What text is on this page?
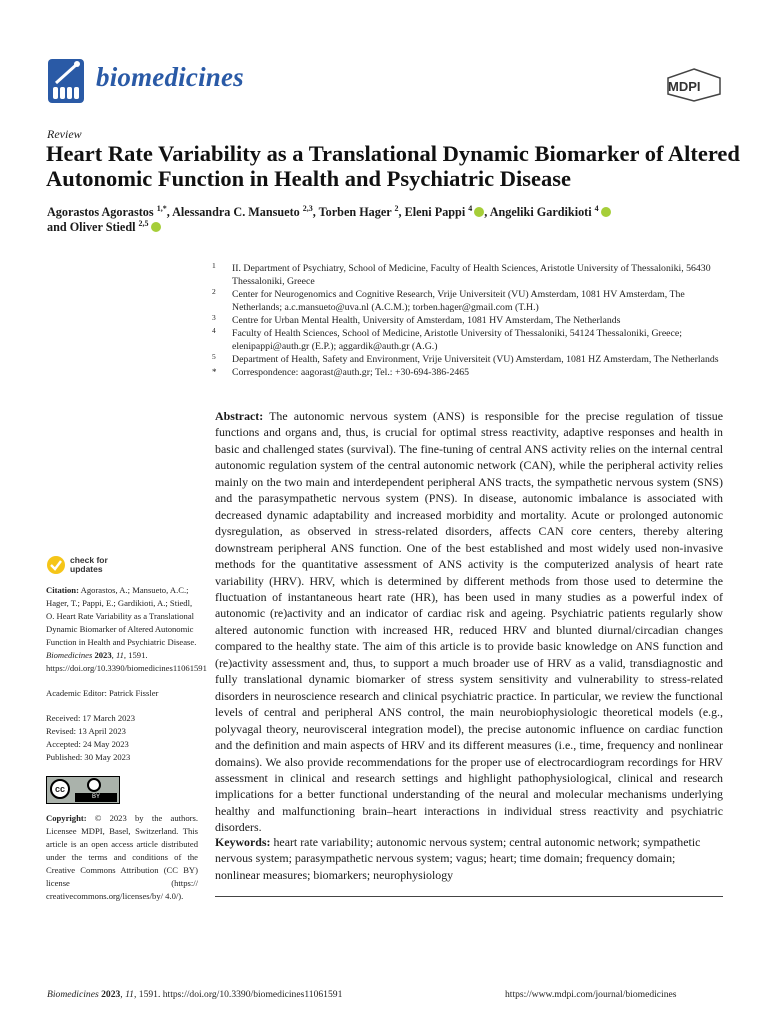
biomedicines	MDPI
Review
Heart Rate Variability as a Translational Dynamic Biomarker of Altered Autonomic Function in Health and Psychiatric Disease
Agorastos Agorastos $^{1,*}$, Alessandra C. Mansueto $^{2,3}$, Torben Hager $^2$, Eleni Pappi $^4$ , Angeliki Gardikioti $^4$
and Oliver Stiedl $^{2,5}$
1 II. Department of Psychiatry, School of Medicine, Faculty of Health Sciences, Aristotle University of Thessaloniki, 56430 Thessaloniki, Greece
2 Center for Neurogenomics and Cognitive Research, Vrije Universiteit (VU) Amsterdam, 1081 HV Amsterdam, The Netherlands; a.c.mansueto@uva.nl (A.C.M.); torben.hager@gmail.com (T.H.)
3 Centre for Urban Mental Health, University of Amsterdam, 1081 HV Amsterdam, The Netherlands
4 Faculty of Health Sciences, School of Medicine, Aristotle University of Thessaloniki, 54124 Thessaloniki, Greece; elenipappi@auth.gr (E.P.); aggardik@auth.gr (A.G.)
5 Department of Health, Safety and Environment, Vrije Universiteit (VU) Amsterdam, 1081 HZ Amsterdam, The Netherlands
* Correspondence: aagorast@auth.gr; Tel.: +30-694-386-2465
Abstract: The autonomic nervous system (ANS) is responsible for the precise regulation of tissue functions and organs and, thus, is crucial for optimal stress reactivity, adaptive responses and health in basic and challenged states (survival). The fine-tuning of central ANS activity relies on the internal central autonomic regulation system of the central autonomic network (CAN), while the peripheral activity relies mainly on the two main and interdependent peripheral ANS tracts, the sympathetic nervous system (SNS) and the parasympathetic nervous system (PNS). In disease, autonomic imbalance is associated with decreased dynamic adaptability and increased morbidity and mortality. Acute or prolonged autonomic dysregulation, as observed in stress-related disorders, affects CAN core centers, thereby altering downstream peripheral ANS function. One of the best established and most widely used non-invasive methods for the quantitative assessment of ANS activity is the computerized analysis of heart rate variability (HRV). HRV, which is determined by different methods from those used to determine the fluctuation of instantaneous heart rate (HR), has been used in many studies as a powerful index of autonomic (re)activity and an indicator of cardiac risk and ageing. Psychiatric patients regularly show altered autonomic function with increased HR, reduced HRV and blunted diurnal/circadian changes compared to the healthy state. The aim of this article is to provide basic knowledge on ANS function and (re)activity assessment and, thus, to support a much broader use of HRV as a valid, transdiagnostic and fully translational dynamic biomarker of stress system sensitivity and vulnerability to stress-related disorders in neuroscience research and clinical psychiatric practice. In particular, we review the functional levels of central and peripheral ANS control, the main neurobiophysiologic theoretical models (e.g., polyvagal theory, neurovisceral integration model), the precise autonomic influence on cardiac function and the definition and main aspects of HRV and its different measures (i.e., time, frequency and nonlinear domains). We also provide recommendations for the proper use of electrocardiogram recordings for HRV assessment in clinical and research settings and highlight pathophysiological, clinical and research implications for a better functional understanding of the neural and molecular mechanisms underlying healthy and malfunctioning brain–heart interactions in individual stress reactivity and psychiatric disorders.
Keywords: heart rate variability; autonomic nervous system; central autonomic network; sympathetic nervous system; parasympathetic nervous system; vagus; heart; time domain; frequency domain; nonlinear measures; biomarkers; neurophysiology
check for
updates
Citation: Agorastos, A.; Mansueto, A.C.; Hager, T.; Pappi, E.; Gardikioti, A.; Stiedl, O. Heart Rate Variability as a Translational Dynamic Biomarker of Altered Autonomic Function in Health and Psychiatric Disease. Biomedicines 2023, 11, 1591. https://doi.org/10.3390/biomedicines11061591
Academic Editor: Patrick Fissler
Received: 17 March 2023
Revised: 13 April 2023
Accepted: 24 May 2023
Published: 30 May 2023
cc
BY
Copyright: © 2023 by the authors. Licensee MDPI, Basel, Switzerland. This article is an open access article distributed under the terms and conditions of the Creative Commons Attribution (CC BY) license (https:// creativecommons.org/licenses/by/ 4.0/).
Biomedicines 2023, 11, 1591. https://doi.org/10.3390/biomedicines11061591	https://www.mdpi.com/journal/biomedicines
